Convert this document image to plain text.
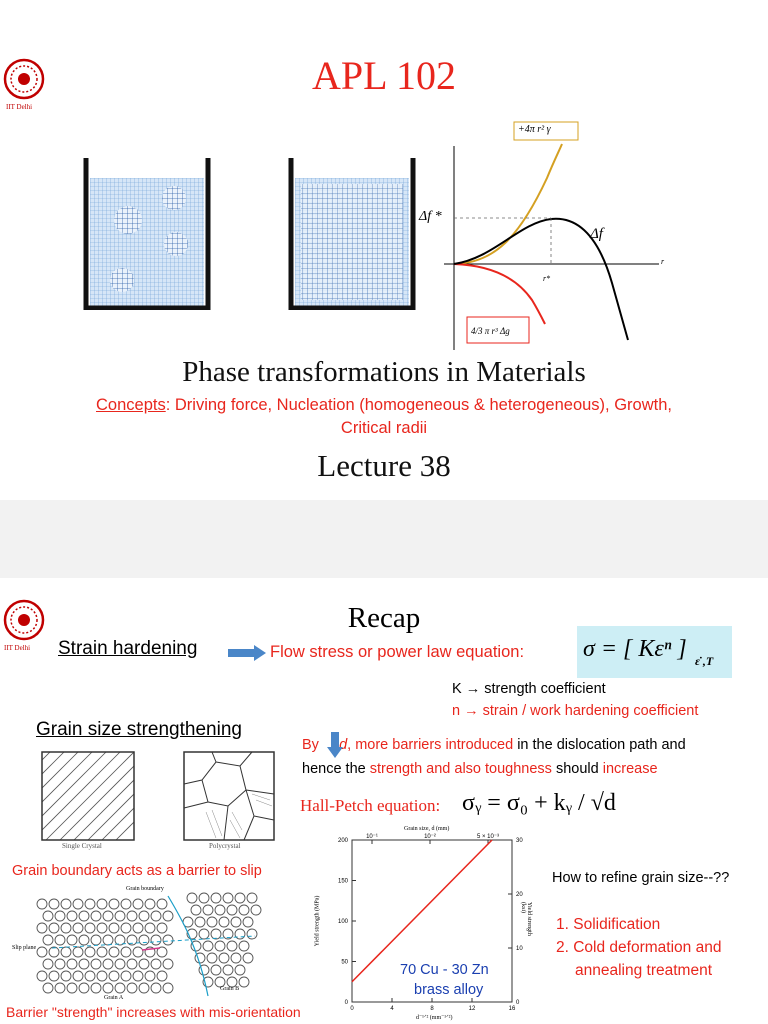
IIT Delhi
APL 102
+4π r² γ
4/3 π r³ Δg
Δf *
Δf
r
r*
Phase transformations in Materials
Concepts: Driving force, Nucleation (homogeneous & heterogeneous), Growth,
Critical radii
Lecture 38
IIT Delhi
Recap
Strain hardening	Flow stress or power law equation: σ = [ Kεⁿ ] ε̇ ,T
K → strength coefficient
n → strain / work hardening coefficient
Grain size strengthening
By d, more barriers introduced in the dislocation path and
hence the strength and also toughness should increase
Single Crystal	Polycrystal
Hall-Petch equation: σᵧ = σ₀ + kᵧ / √d
Grain boundary acts as a barrier to slip
Grain boundary
Slip plane
Grain A
Grain B
Barrier "strength" increases with mis-orientation
0
50
100
150
200
0	4	8	12	16
0
10
20
30
10⁻¹	10⁻²	5 × 10⁻³
Grain size, d (mm)
Yield strength (MPa)	Yield strength (ksi)
d⁻¹ᐟ² (mm⁻¹ᐟ²)
70 Cu - 30 Zn
brass alloy
How to refine grain size--??
1. Solidification
2. Cold deformation and
annealing treatment
